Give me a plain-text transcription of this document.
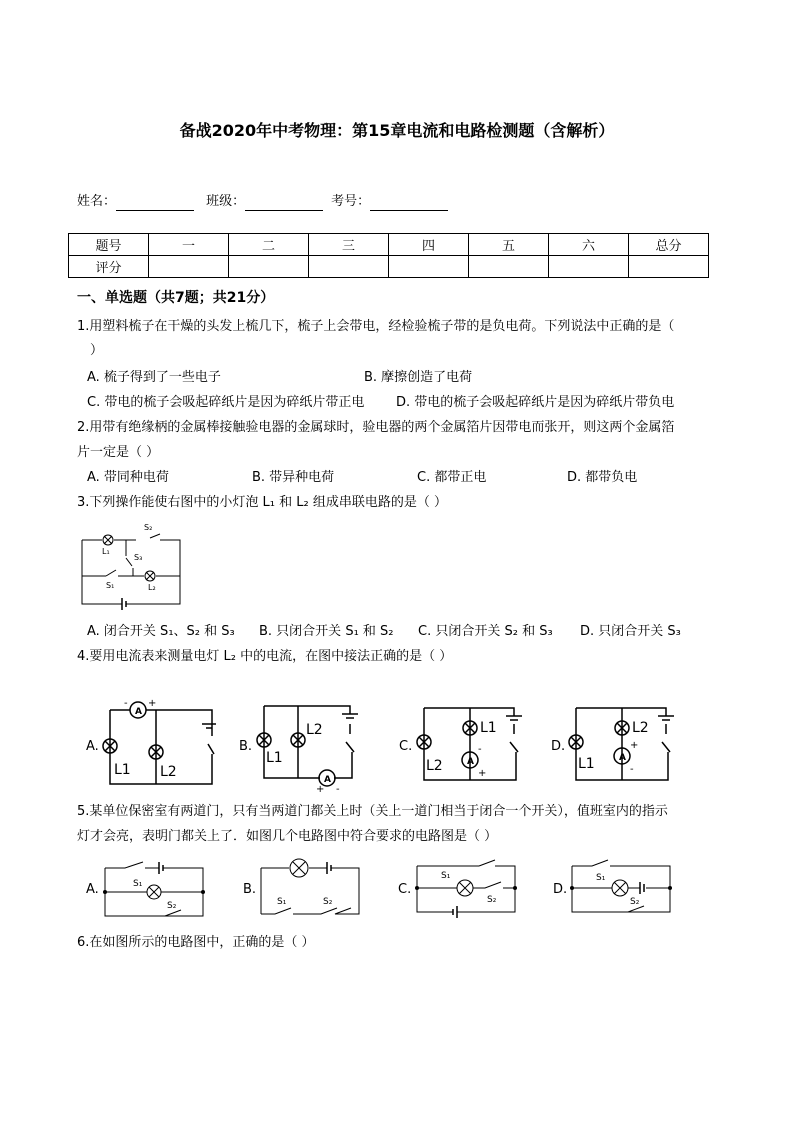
备战2020年中考物理：第15章电流和电路检测题（含解析）
姓名：	班级：	考号：
题号	一	二	三	四	五	六	总分
评分							
一、单选题（共7题；共21分）
1.用塑料梳子在干燥的头发上梳几下，梳子上会带电，经检验梳子带的是负电荷。下列说法中正确的是（
）
A. 梳子得到了一些电子	B. 摩擦创造了电荷
C. 带电的梳子会吸起碎纸片是因为碎纸片带正电 D. 带电的梳子会吸起碎纸片是因为碎纸片带负电
2.用带有绝缘柄的金属棒接触验电器的金属球时，验电器的两个金属箔片因带电而张开，则这两个金属箔
片一定是（ ）
A. 带同种电荷	B. 带异种电荷	C. 都带正电	D. 都带负电
3.下列操作能使右图中的小灯泡 L₁ 和 L₂ 组成串联电路的是（ ）
S₂
L₁
S₃
S₁	L₂
A. 闭合开关 S₁、S₂ 和 S₃ B. 只闭合开关 S₁ 和 S₂ C. 只闭合开关 S₂ 和 S₃ D. 只闭合开关 S₃
4.要用电流表来测量电灯 L₂ 中的电流，在图中接法正确的是（ ）
A.
A
- +
L1 L2
B.
A
+ -
L1
L2
C.
A
-
+
L1
L2
D.
A
+
-
L2
L1
5.某单位保密室有两道门，只有当两道门都关上时（关上一道门相当于闭合一个开关），值班室内的指示
灯才会亮，表明门都关上了．如图几个电路图中符合要求的电路图是（ ）
A.	S₁
S₂
B.
S₁	S₂
C.
S₁
S₂
D.
S₁
S₂
6.在如图所示的电路图中，正确的是（ ）
